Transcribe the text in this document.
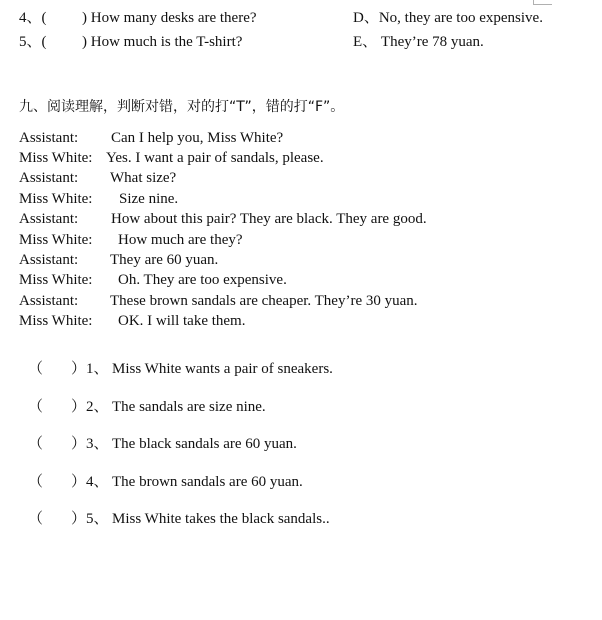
4、( ) How many desks are there?	D、No, they are too expensive.
5、( ) How much is the T-shirt?	E、 They’re 78 yuan.
九、阅读理解，判断对错，对的打“T”，错的打“F”。
Assistant: Can I help you, Miss White?
Miss White: Yes. I want a pair of sandals, please.
Assistant: What size?
Miss White: Size nine.
Assistant: How about this pair? They are black. They are good.
Miss White: How much are they?
Assistant: They are 60 yuan.
Miss White: Oh. They are too expensive.
Assistant: These brown sandals are cheaper. They’re 30 yuan.
Miss White: OK. I will take them.
（ ） 1、 Miss White wants a pair of sneakers.
（ ） 2、 The sandals are size nine.
（ ） 3、 The black sandals are 60 yuan.
（ ） 4、 The brown sandals are 60 yuan.
（ ） 5、 Miss White takes the black sandals..
